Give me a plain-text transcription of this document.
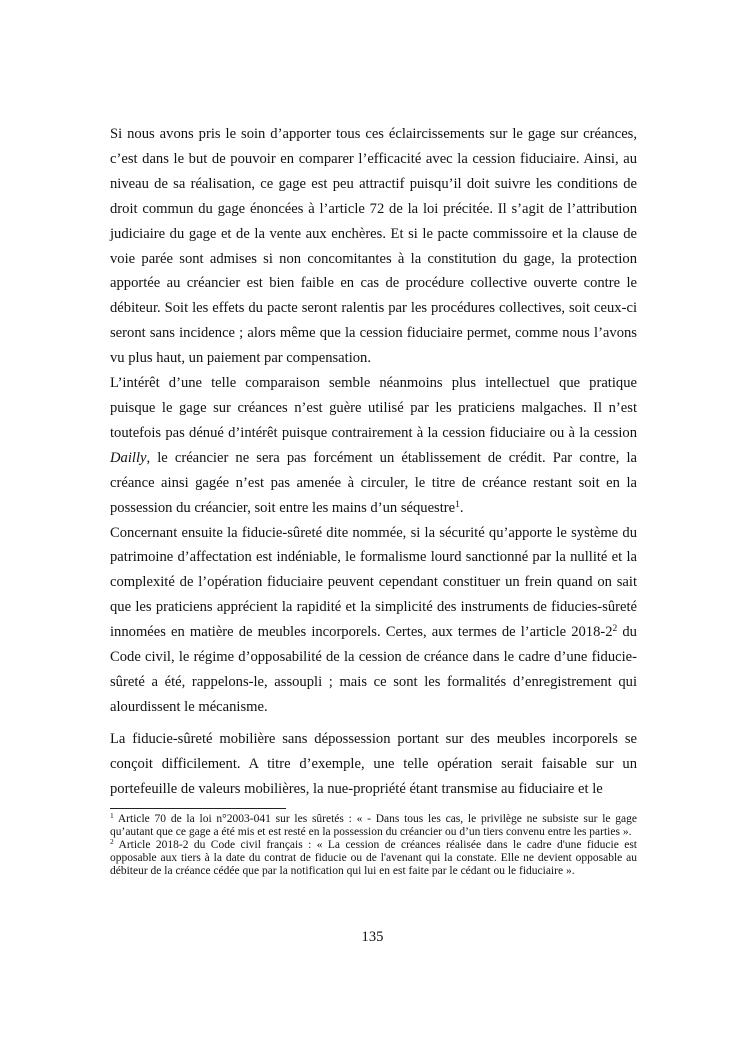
Si nous avons pris le soin d’apporter tous ces éclaircissements sur le gage sur créances, c’est dans le but de pouvoir en comparer l’efficacité avec la cession fiduciaire. Ainsi, au niveau de sa réalisation, ce gage est peu attractif puisqu’il doit suivre les conditions de droit commun du gage énoncées à l’article 72 de la loi précitée. Il s’agit de l’attribution judiciaire du gage et de la vente aux enchères. Et si le pacte commissoire et la clause de voie parée sont admises si non concomitantes à la constitution du gage, la protection apportée au créancier est bien faible en cas de procédure collective ouverte contre le débiteur. Soit les effets du pacte seront ralentis par les procédures collectives, soit ceux-ci seront sans incidence ; alors même que la cession fiduciaire permet, comme nous l’avons vu plus haut, un paiement par compensation.

L’intérêt d’une telle comparaison semble néanmoins plus intellectuel que pratique puisque le gage sur créances n’est guère utilisé par les praticiens malgaches. Il n’est toutefois pas dénué d’intérêt puisque contrairement à la cession fiduciaire ou à la cession Dailly, le créancier ne sera pas forcément un établissement de crédit. Par contre, la créance ainsi gagée n’est pas amenée à circuler, le titre de créance restant soit en la possession du créancier, soit entre les mains d’un séquestre$^1$.

Concernant ensuite la fiducie-sûreté dite nommée, si la sécurité qu’apporte le système du patrimoine d’affectation est indéniable, le formalisme lourd sanctionné par la nullité et la complexité de l’opération fiduciaire peuvent cependant constituer un frein quand on sait que les praticiens apprécient la rapidité et la simplicité des instruments de fiducies-sûreté innomées en matière de meubles incorporels. Certes, aux termes de l’article $2018-2^2$ du Code civil, le régime d’opposabilité de la cession de créance dans le cadre d’une fiducie-sûreté a été, rappelons-le, assoupli ; mais ce sont les formalités d’enregistrement qui alourdissent le mécanisme.

La fiducie-sûreté mobilière sans dépossession portant sur des meubles incorporels se conçoit difficilement. A titre d’exemple, une telle opération serait faisable sur un portefeuille de valeurs mobilières, la nue-propriété étant transmise au fiduciaire et le

$^1$ Article 70 de la loi n°2003-041 sur les sûretés : « - Dans tous les cas, le privilège ne subsiste sur le gage qu’autant que ce gage a été mis et est resté en la possession du créancier ou d’un tiers convenu entre les parties ».

$^2$ Article 2018-2 du Code civil français : « La cession de créances réalisée dans le cadre d'une fiducie est opposable aux tiers à la date du contrat de fiducie ou de l'avenant qui la constate. Elle ne devient opposable au débiteur de la créance cédée que par la notification qui lui en est faite par le cédant ou le fiduciaire ».

135
